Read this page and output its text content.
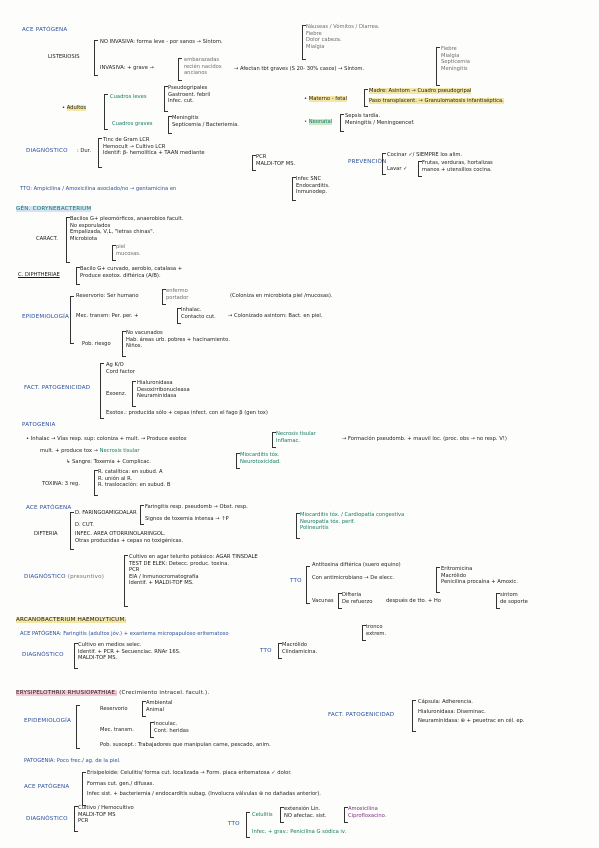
ACE PATÓGENA
LISTERIOSIS
NO INVASIVA: forma leve - por sanos → Síntom.
Náuseas / Vómitos / Diarrea.
Fiebre
Dolor cabeza.
Mialgia
INVASIVA: + grave →
embarazadas
recién nacidos
ancianos
→ Afectan tbt graves (S 20- 30% casos) → Síntom.
Fiebre
Mialgia
Septicemia
Meningitis
• Adultos
Cuadros leves
Pseudogripales
Gastroent. febril
Infec. cut.
Cuadros graves
Meningitis
Septicemia / Bacteriemia.
• Materno - fetal
Madre: Asintom → Cuadro pseudogripal
Paso transplacent. → Granulomatosis infantiséptica.
• Neonatal
Sepsis tardía.
Meningitis / Meningoencef.
DIAGNÓSTICO : Dur.
Tinc de Gram LCR
Hemocult → Cultivo LCR
Identif: β- hemolítica + TAAN mediante
PCR
MALDI-TOF MS.	PREVENCIÓN
Cocinar ✓/ SIEMPRE los alim.
Lavar ✓
Frutas, verduras, hortalizas
manos + utensilios cocina.
TTO: Ampicilina / Amoxicilina asociado/no → gentamicina en
Infec SNC
Endocarditis.
Inmunodep.
GÉN. CORYNEBACTERIUM
CARACT.
Bacilos G+ pleomórficos, anaerobios facult.
No esporulados
Empalizada, V,L, "letras chinas".
Microbiota
piel
mucosas.
C. DIPHTHERIAE
Bacilo G+ curvado, aerobio, catalasa +
Produce exotox. diftérica (A/B).
EPIDEMIOLOGÍA
Reservorio: Ser humano
enfermo
portador	(Coloniza en microbiota piel /mucosas).
Mec. transm: Per. per. +
Inhalac.
Contacto cut. → Colonizado asintom: Bact. en piel.
Pob. riesgo
No vacunados
Hab. áreas urb. pobres + hacinamiento.
Niños.
FACT. PATOGENICIDAD
Ag K/O
Cord factor
Exoenz.
Hialuronidasa
Desoxirribonucleasa
Neuraminidasa
Exotox.: producida sólo + cepas infect. con el fago β (gen tox)
PATOGENIA
• Inhalac → Vías resp. sup: coloniza + mult. → Produce exotox
Necrosis tisular
Inflamac.	→ Formación pseudomb. + mauvil loc. (proc. obs → no resp. V!)
mult. + produce tox → Necrosis tisular
↳ Sangre: Toxemia + Complicac.
Miocarditis tóx.
Neurotoxicidad.
TOXINA: 3 reg.
R. catalítica: en subud. A
R. unión al R.
R. traslocación: en subud. B
ACE PATÓGENA
DIFTERIA
D. FARINGOAMIGDALAR
D. CUT.
Faringitis resp. pseudomb → Obst. resp.
Signos de toxemia intensa → ↑P
Miocarditis tóx. / Cardiopatía congestiva
Neuropatía tóx. perif.
Polineuritis
INFEC. AREA OTORRINOLARINGOL.
Otras producidas + cepas no toxigénicas.
DIAGNÓSTICO (presuntivo)
Cultivo en agar telurito potásico: AGAR TINSDALE
TEST DE ELEK: Detecc. produc. toxina.
PCR
EIA / Inmunocromatografía
Identif. + MALDI-TOF MS.	TTO
Antitoxina diftérica (suero equino)
Con antimicrobiano → De elecc.
Eritromicina
Macrólido
Penicilina procaína + Amoxic.
Vacunas
Difteria
De refuerzo	después de tto. + Ho
sintom
de soporte
ARCANOBACTERIUM HAEMOLYTICUM.
ACE PATÓGENA: Faringitis (adultos jóv.) + exantema micropapuloso eritematoso
tronco
extrem.
DIAGNÓSTICO
Cultivo en medios selec.
Identif. + PCR + Secuenciac. RNAr 16S.
MALDI-TOF MS.
TTO
Macrólido
Clindamicina.
ERYSIPELOTHRIX RHUSIOPATHIAE. (Crecimiento intracel. facult.).
EPIDEMIOLOGÍA
Reservorio
Ambiental
Animal
Mec. transm.
Inoculac.
Cont. heridas
Pob. suscept.: Trabajadores que manipulan carne, pescado, anim.
FACT. PATOGENICIDAD
Cápsula: Adherencia.
Hialuronidasa: Diseminac.
Neuraminidasa: ⊕ + peuetrac en cél. ep.
PATOGENIA: Poco frec./ ag. de la piel.
ACE PATÓGENA
Erisipeloide: Celulitis/ forma cut. localizada → Form. placa eritematosa ✓ dolor.
Formas cut. gen./ difusas.
Infec sist. + bacteriemia / endocarditis subag. (Involucra válvulas ⊕ no dañadas anterior).
DIAGNÓSTICO
Cultivo / Hemocultivo
MALDI-TOF MS
PCR	TTO
Celulitis
extensión Lin.
NO afectac. sist.
Amoxicilina
Ciprofloxacino.
Infec. + grav.: Penicilina G sódica iv.
